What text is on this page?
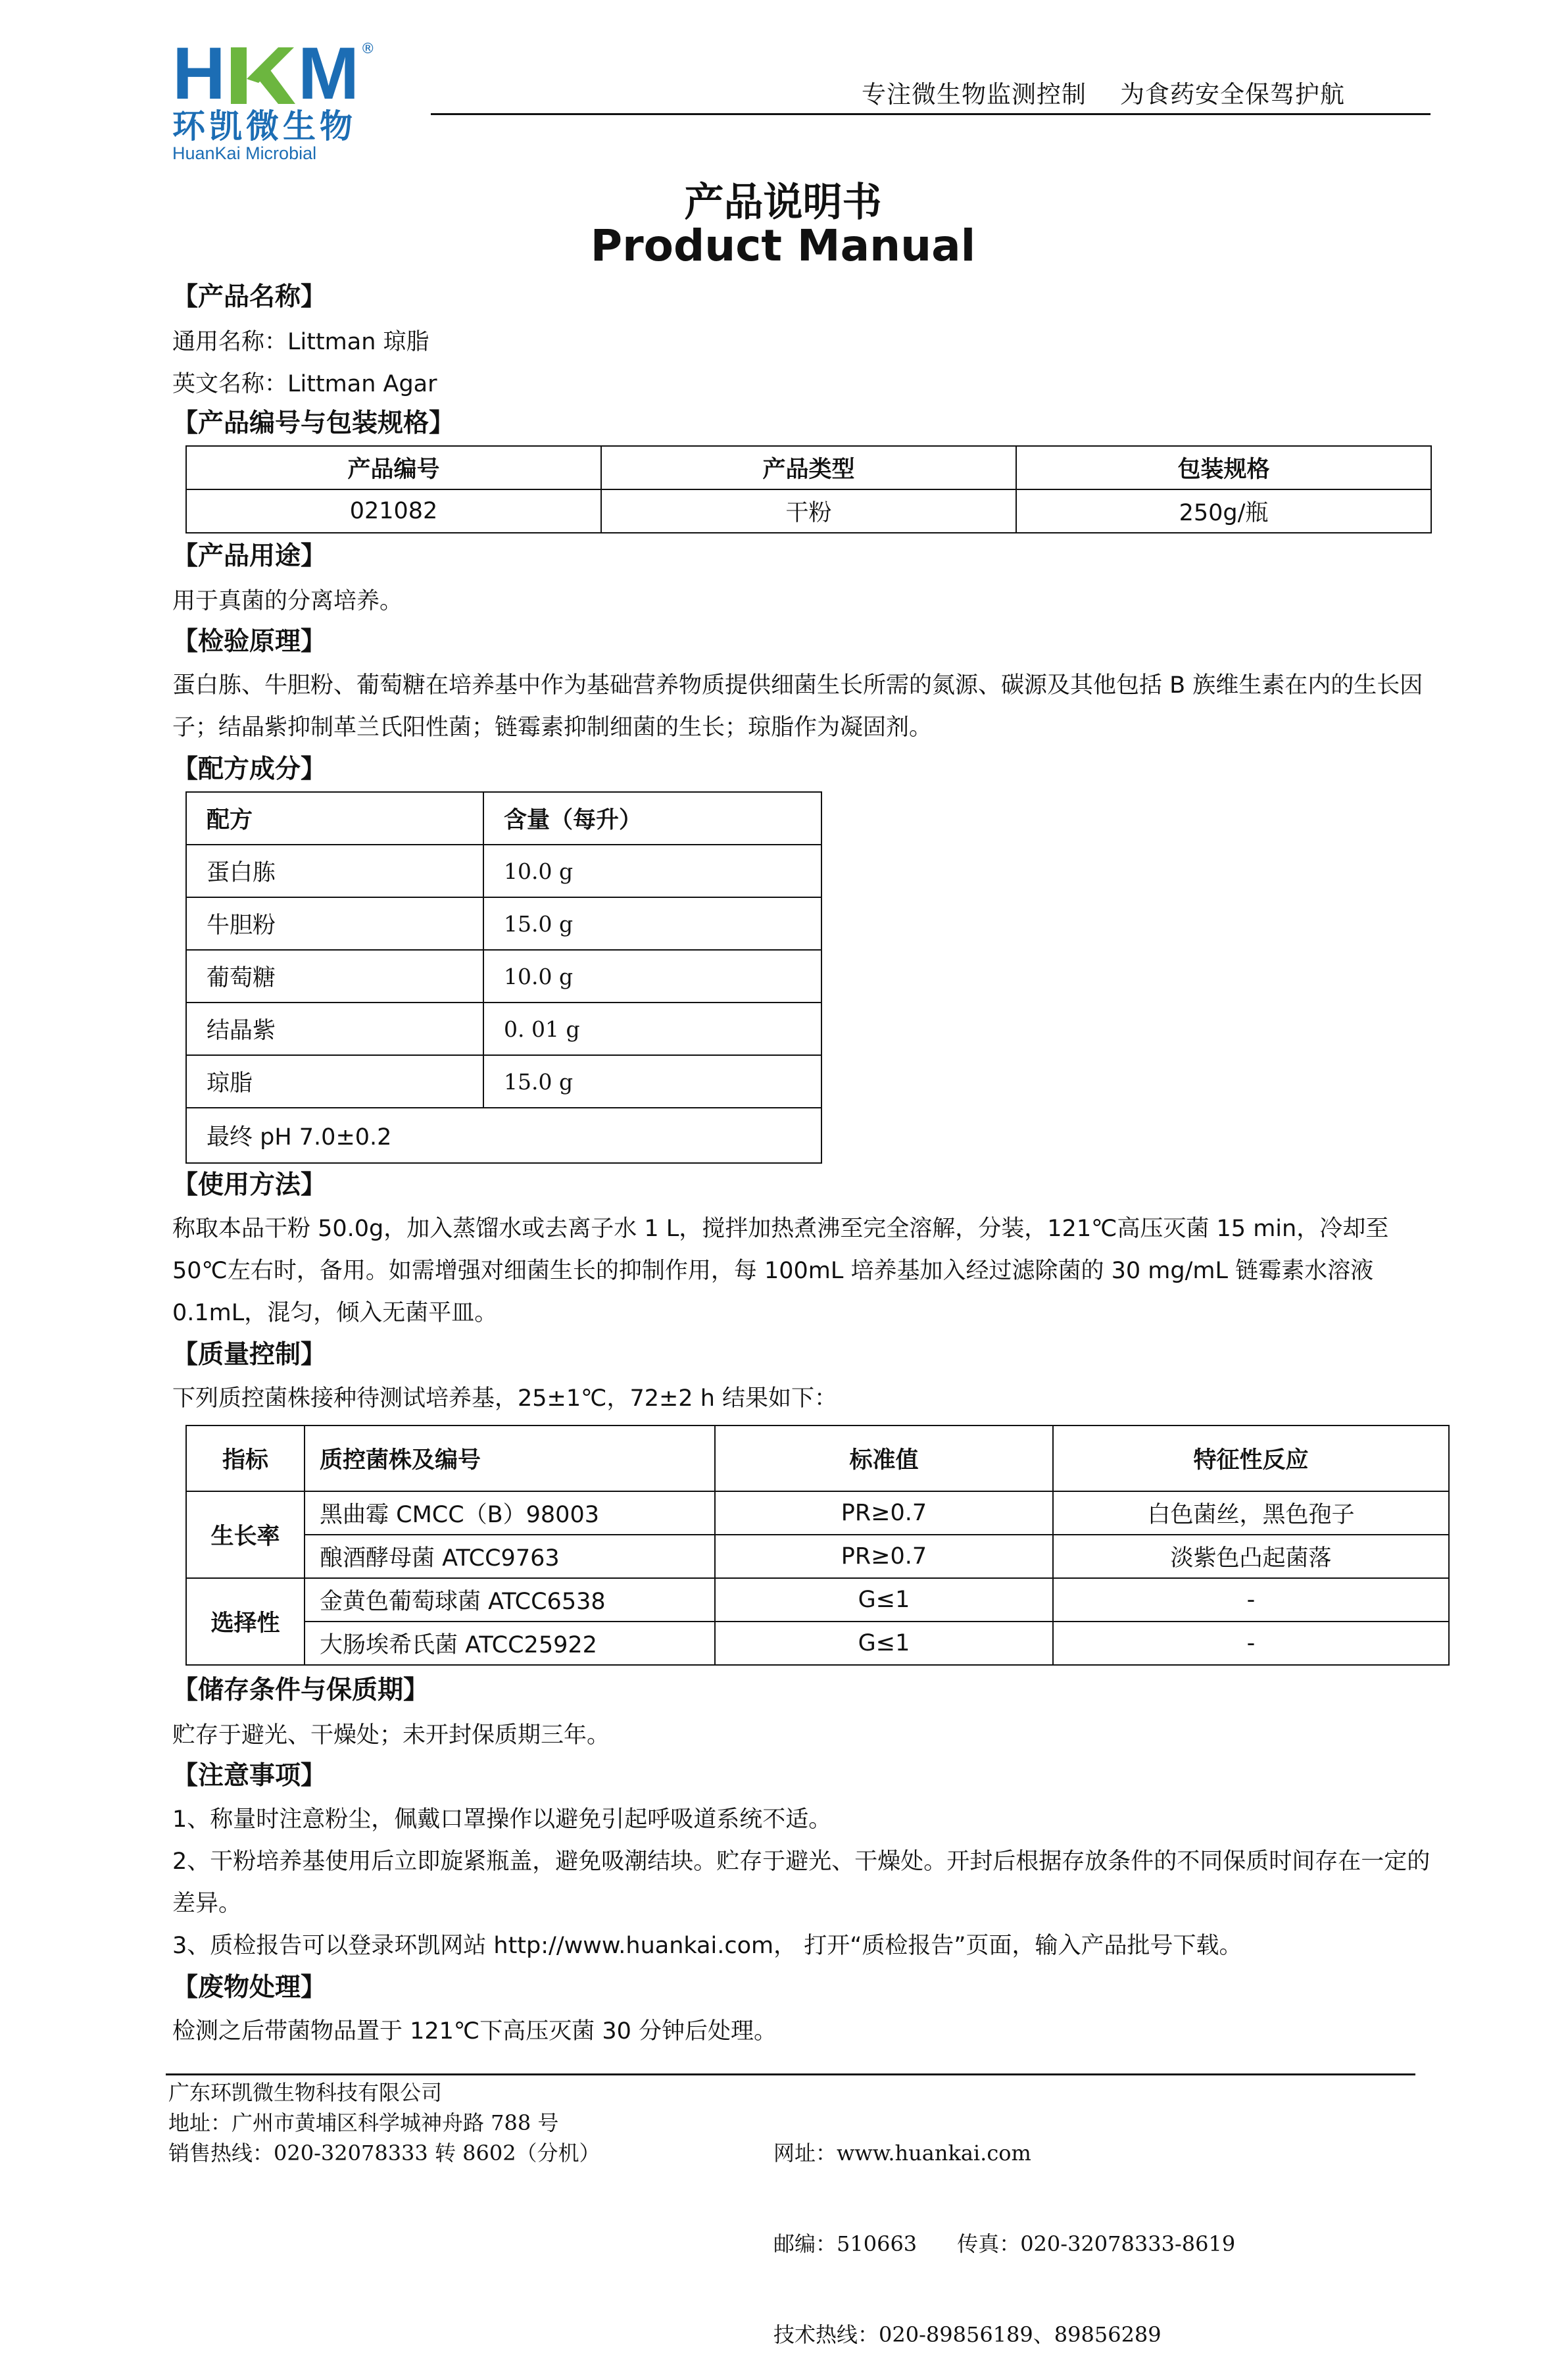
H M ®
环凯微生物
HuanKai Microbial
专注微生物监测控制    为食药安全保驾护航
产品说明书
Product Manual
【产品名称】
通用名称：Littman 琼脂
英文名称：Littman Agar
【产品编号与包装规格】
产品编号	产品类型	包装规格
021082	干粉	250g/瓶
【产品用途】
用于真菌的分离培养。
【检验原理】
蛋白胨、牛胆粉、葡萄糖在培养基中作为基础营养物质提供细菌生长所需的氮源、碳源及其他包括 B 族维生素在内的生长因子；结晶紫抑制革兰氏阳性菌；链霉素抑制细菌的生长；琼脂作为凝固剂。
【配方成分】
配方	含量（每升）
蛋白胨	10.0 g
牛胆粉	15.0 g
葡萄糖	10.0 g
结晶紫	0. 01 g
琼脂	15.0 g
最终 pH 7.0±0.2	
【使用方法】
称取本品干粉 50.0g，加入蒸馏水或去离子水 1 L，搅拌加热煮沸至完全溶解，分装，121℃高压灭菌 15 min，冷却至 50℃左右时，备用。如需增强对细菌生长的抑制作用，每 100mL 培养基加入经过滤除菌的 30 mg/mL 链霉素水溶液 0.1mL，混匀，倾入无菌平皿。
【质量控制】
下列质控菌株接种待测试培养基，25±1℃，72±2 h 结果如下：
指标	质控菌株及编号	标准值	特征性反应
生长率	黑曲霉 CMCC（B）98003	PR≥0.7	白色菌丝，黑色孢子
	酿酒酵母菌 ATCC9763	PR≥0.7	淡紫色凸起菌落
选择性	金黄色葡萄球菌 ATCC6538	G≤1	-
	大肠埃希氏菌 ATCC25922	G≤1	-
【储存条件与保质期】
贮存于避光、干燥处；未开封保质期三年。
【注意事项】
1、称量时注意粉尘，佩戴口罩操作以避免引起呼吸道系统不适。
2、干粉培养基使用后立即旋紧瓶盖，避免吸潮结块。贮存于避光、干燥处。开封后根据存放条件的不同保质时间存在一定的差异。
3、质检报告可以登录环凯网站 http://www.huankai.com， 打开“质检报告”页面，输入产品批号下载。
【废物处理】
检测之后带菌物品置于 121℃下高压灭菌 30 分钟后处理。
广东环凯微生物科技有限公司
地址：广州市黄埔区科学城神舟路 788 号
销售热线：020-32078333 转 8602（分机）

	网址：www.huankai.com

邮编：510663      传真：020-32078333-8619

技术热线：020-89856189、89856289
